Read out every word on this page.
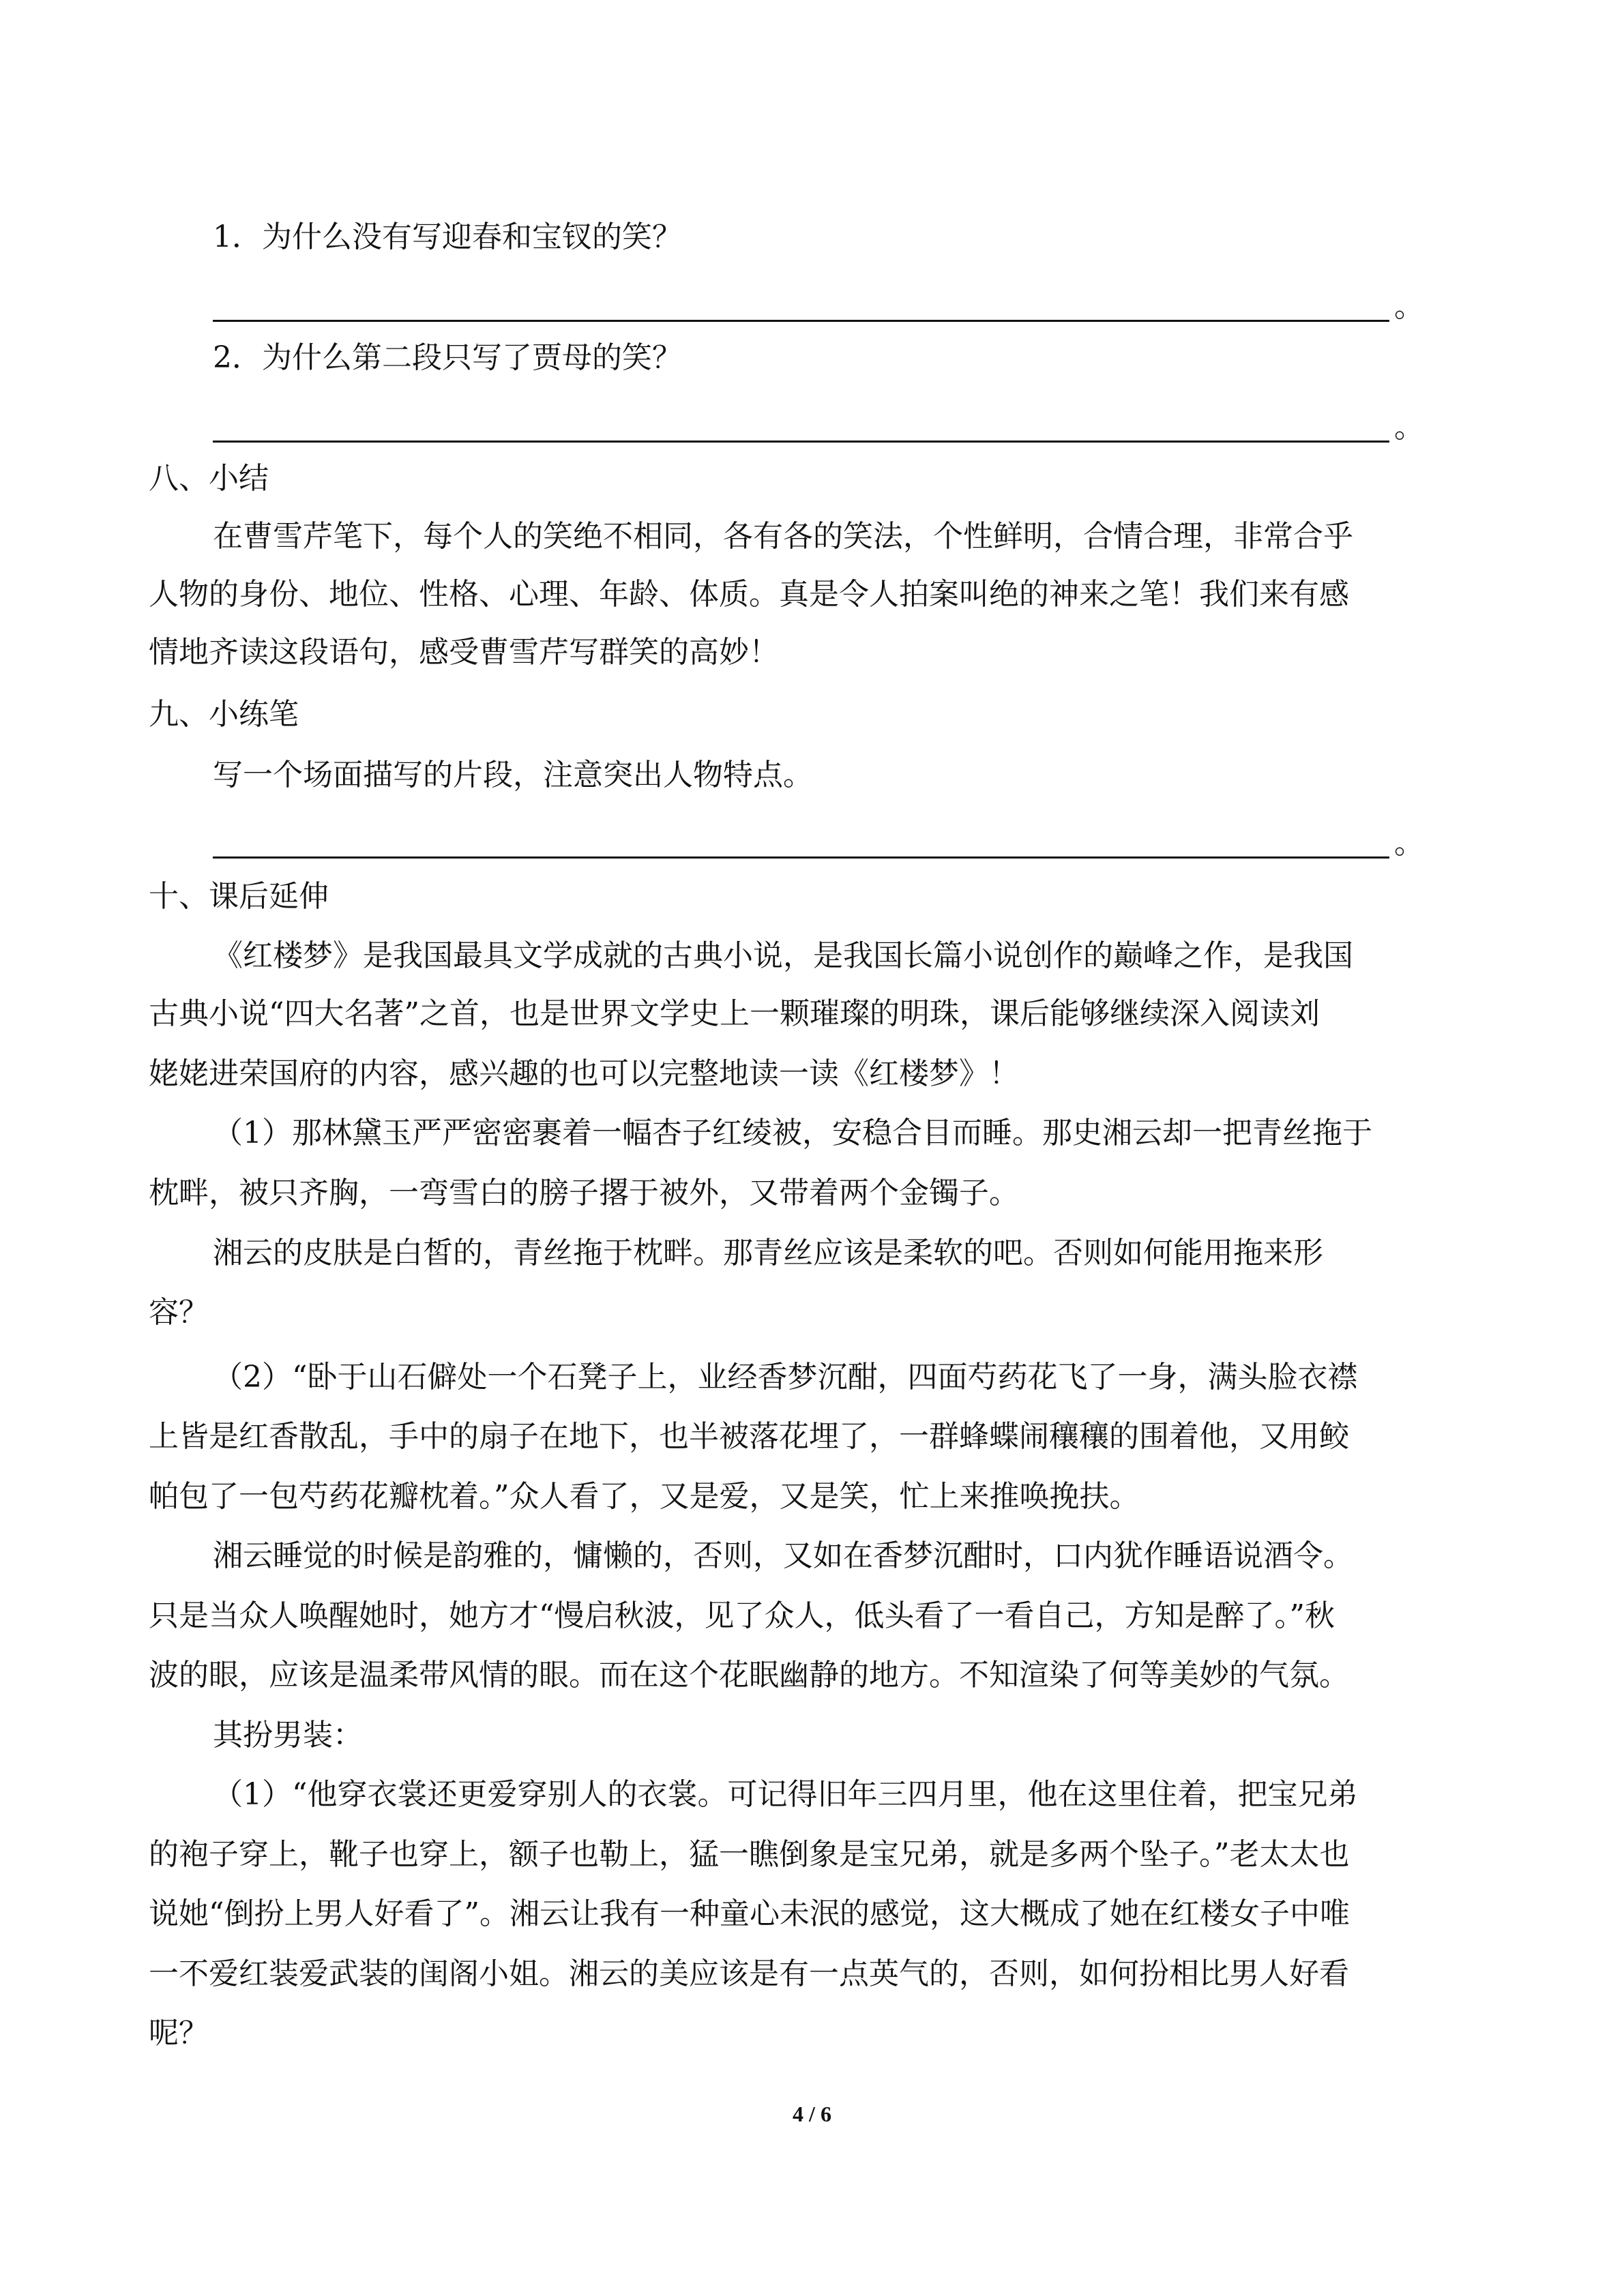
1．为什么没有写迎春和宝钗的笑？
。
2．为什么第二段只写了贾母的笑？
。
八、小结
在曹雪芹笔下，每个人的笑绝不相同，各有各的笑法，个性鲜明，合情合理，非常合乎
人物的身份、地位、性格、心理、年龄、体质。真是令人拍案叫绝的神来之笔！我们来有感
情地齐读这段语句，感受曹雪芹写群笑的高妙！
九、小练笔
写一个场面描写的片段，注意突出人物特点。
。
十、课后延伸
《红楼梦》是我国最具文学成就的古典小说，是我国长篇小说创作的巅峰之作，是我国
古典小说“四大名著”之首，也是世界文学史上一颗璀璨的明珠，课后能够继续深入阅读刘
姥姥进荣国府的内容，感兴趣的也可以完整地读一读《红楼梦》！
（1）那林黛玉严严密密裹着一幅杏子红绫被，安稳合目而睡。那史湘云却一把青丝拖于
枕畔，被只齐胸，一弯雪白的膀子撂于被外，又带着两个金镯子。
湘云的皮肤是白皙的，青丝拖于枕畔。那青丝应该是柔软的吧。否则如何能用拖来形
容？
（2）“卧于山石僻处一个石凳子上，业经香梦沉酣，四面芍药花飞了一身，满头脸衣襟
上皆是红香散乱，手中的扇子在地下，也半被落花埋了，一群蜂蝶闹穰穰的围着他，又用鲛
帕包了一包芍药花瓣枕着。”众人看了，又是爱，又是笑，忙上来推唤挽扶。
湘云睡觉的时候是韵雅的，慵懒的，否则，又如在香梦沉酣时，口内犹作睡语说酒令。
只是当众人唤醒她时，她方才“慢启秋波，见了众人，低头看了一看自己，方知是醉了。”秋
波的眼，应该是温柔带风情的眼。而在这个花眠幽静的地方。不知渲染了何等美妙的气氛。
其扮男装：
（1）“他穿衣裳还更爱穿别人的衣裳。可记得旧年三四月里，他在这里住着，把宝兄弟
的袍子穿上，靴子也穿上，额子也勒上，猛一瞧倒象是宝兄弟，就是多两个坠子。”老太太也
说她“倒扮上男人好看了”。湘云让我有一种童心未泯的感觉，这大概成了她在红楼女子中唯
一不爱红装爱武装的闺阁小姐。湘云的美应该是有一点英气的，否则，如何扮相比男人好看
呢？
4 / 6
